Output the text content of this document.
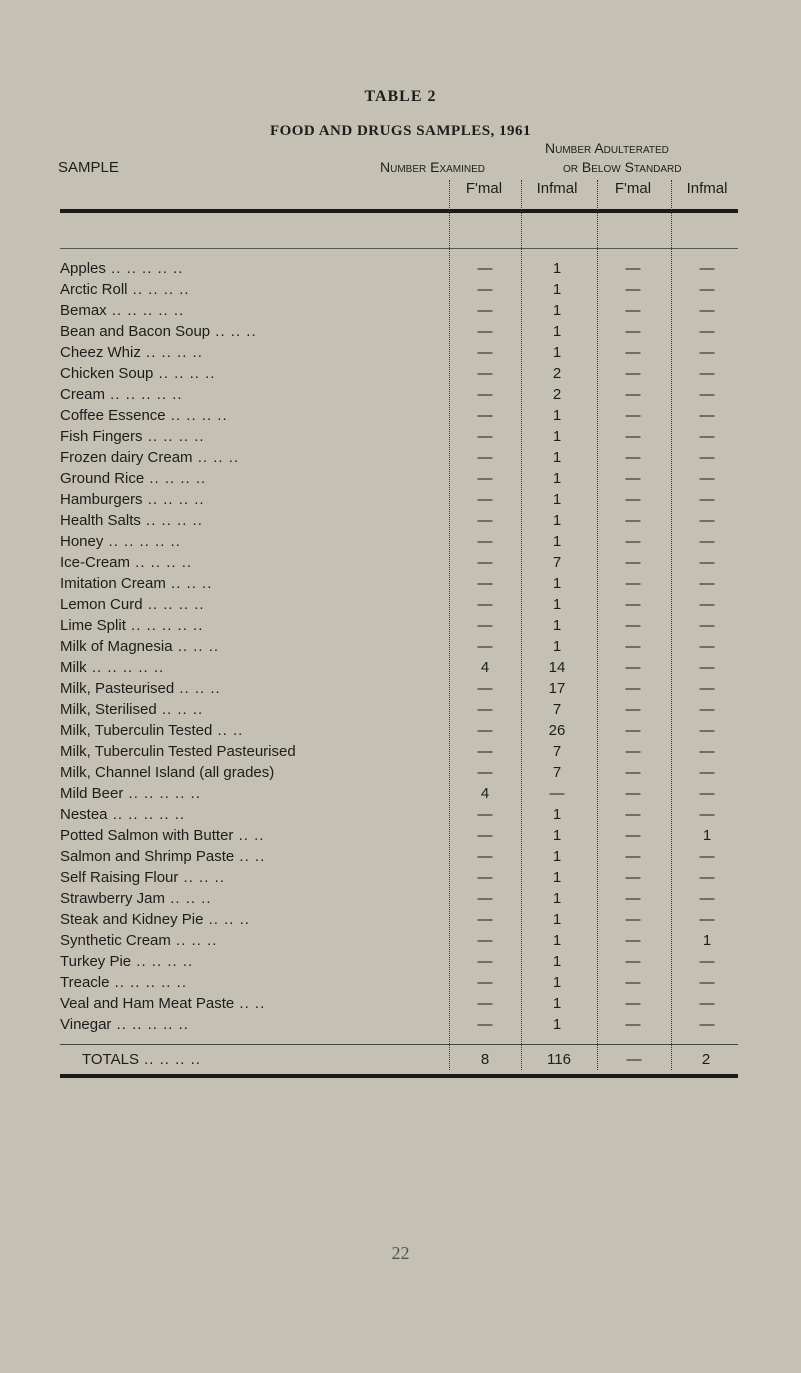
TABLE 2
FOOD AND DRUGS SAMPLES, 1961
SAMPLE	Number Examined
Number Adulterated
or Below Standard
F'mal	Infmal	F'mal	Infmal
Apples .. .. .. .. ..	—	1	—	—
Arctic Roll .. .. .. ..	—	1	—	—
Bemax .. .. .. .. ..	—	1	—	—
Bean and Bacon Soup .. .. ..	—	1	—	—
Cheez Whiz .. .. .. ..	—	1	—	—
Chicken Soup .. .. .. ..	—	2	—	—
Cream .. .. .. .. ..	—	2	—	—
Coffee Essence .. .. .. ..	—	1	—	—
Fish Fingers .. .. .. ..	—	1	—	—
Frozen dairy Cream .. .. ..	—	1	—	—
Ground Rice .. .. .. ..	—	1	—	—
Hamburgers .. .. .. ..	—	1	—	—
Health Salts .. .. .. ..	—	1	—	—
Honey .. .. .. .. ..	—	1	—	—
Ice-Cream .. .. .. ..	—	7	—	—
Imitation Cream .. .. ..	—	1	—	—
Lemon Curd .. .. .. ..	—	1	—	—
Lime Split .. .. .. .. ..	—	1	—	—
Milk of Magnesia .. .. ..	—	1	—	—
Milk .. .. .. .. ..	4	14	—	—
Milk, Pasteurised .. .. ..	—	17	—	—
Milk, Sterilised .. .. ..	—	7	—	—
Milk, Tuberculin Tested .. ..	—	26	—	—
Milk, Tuberculin Tested Pasteurised	—	7	—	—
Milk, Channel Island (all grades)	—	7	—	—
Mild Beer .. .. .. .. ..	4	—	—	—
Nestea .. .. .. .. ..	—	1	—	—
Potted Salmon with Butter .. ..	—	1	—	1
Salmon and Shrimp Paste .. ..	—	1	—	—
Self Raising Flour .. .. ..	—	1	—	—
Strawberry Jam .. .. ..	—	1	—	—
Steak and Kidney Pie .. .. ..	—	1	—	—
Synthetic Cream .. .. ..	—	1	—	1
Turkey Pie .. .. .. ..	—	1	—	—
Treacle .. .. .. .. ..	—	1	—	—
Veal and Ham Meat Paste .. ..	—	1	—	—
Vinegar .. .. .. .. ..	—	1	—	—
TOTALS .. .. .. ..	8	116	—	2
22
